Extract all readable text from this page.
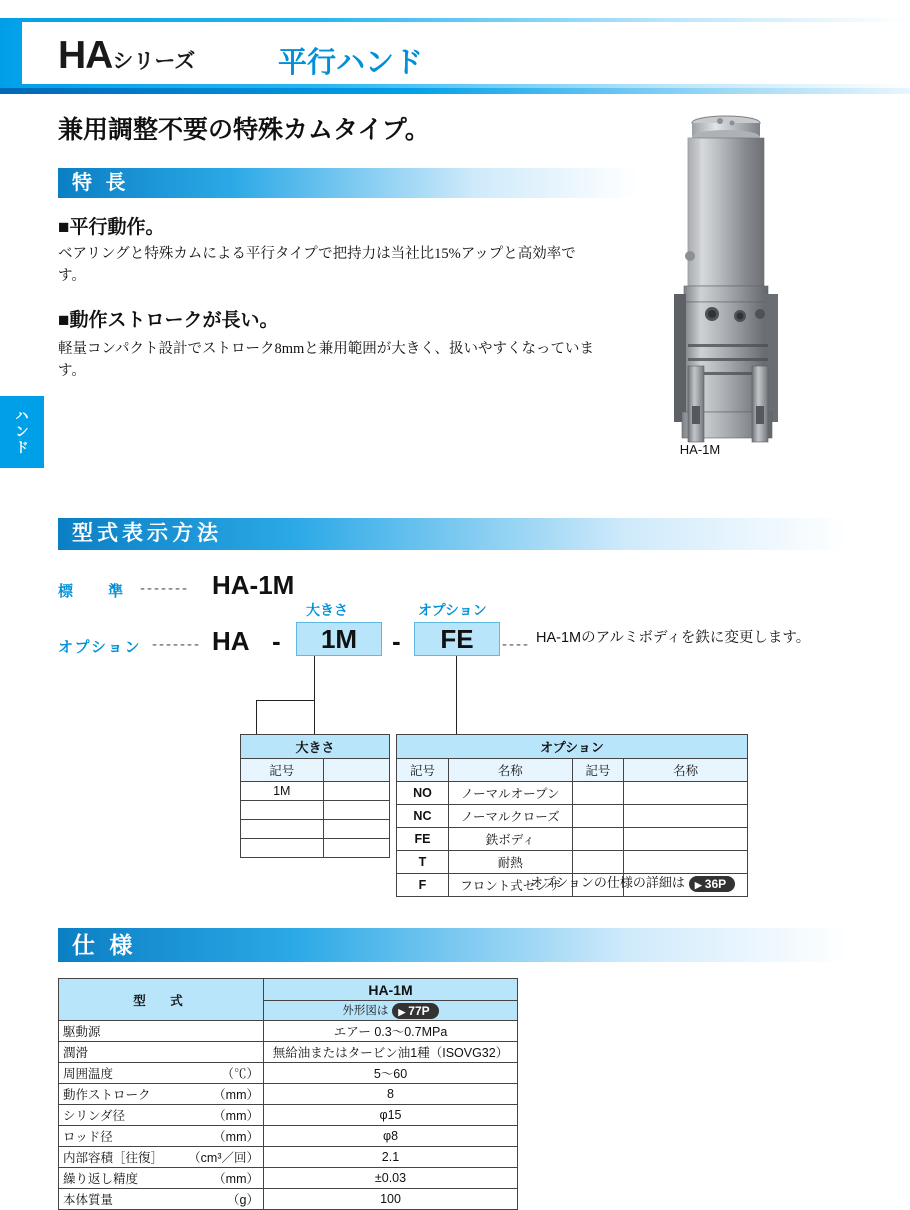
HAシリーズ	平行ハンド
ハンド
兼用調整不要の特殊カムタイプ。
特 長
■平行動作。
ベアリングと特殊カムによる平行タイプで把持力は当社比15%アップと高効率です。
■動作ストロークが長い。
軽量コンパクト設計でストローク8mmと兼用範囲が大きく、扱いやすくなっています。
HA-1M
型式表示方法
標　準 ------- HA-1M
オプション ------- HA -	-
大きさ	オプション
1M	FE	---- HA-1Mのアルミボディを鉄に変更します。
大きさ	
記号	
1M	

オプション			
記号	名称	記号	名称
NO	ノーマルオープン		
NC	ノーマルクローズ		
FE	鉄ボディ		
T	耐熱		
F	フロント式センサ		
オプションの仕様の詳細は ▶ 36P
仕 様
型　式	HA-1M
	外形図は ▶ 77P
駆動源	エアー 0.3〜0.7MPa
潤滑	無給油またはタービン油1種（ISOVG32）
周囲温度 （℃）	5〜60
動作ストローク （mm）	8
シリンダ径 （mm）	φ15
ロッド径 （mm）	φ8
内部容積［往復］ （cm³／回）	2.1
繰り返し精度 （mm）	±0.03
本体質量 （g）	100
